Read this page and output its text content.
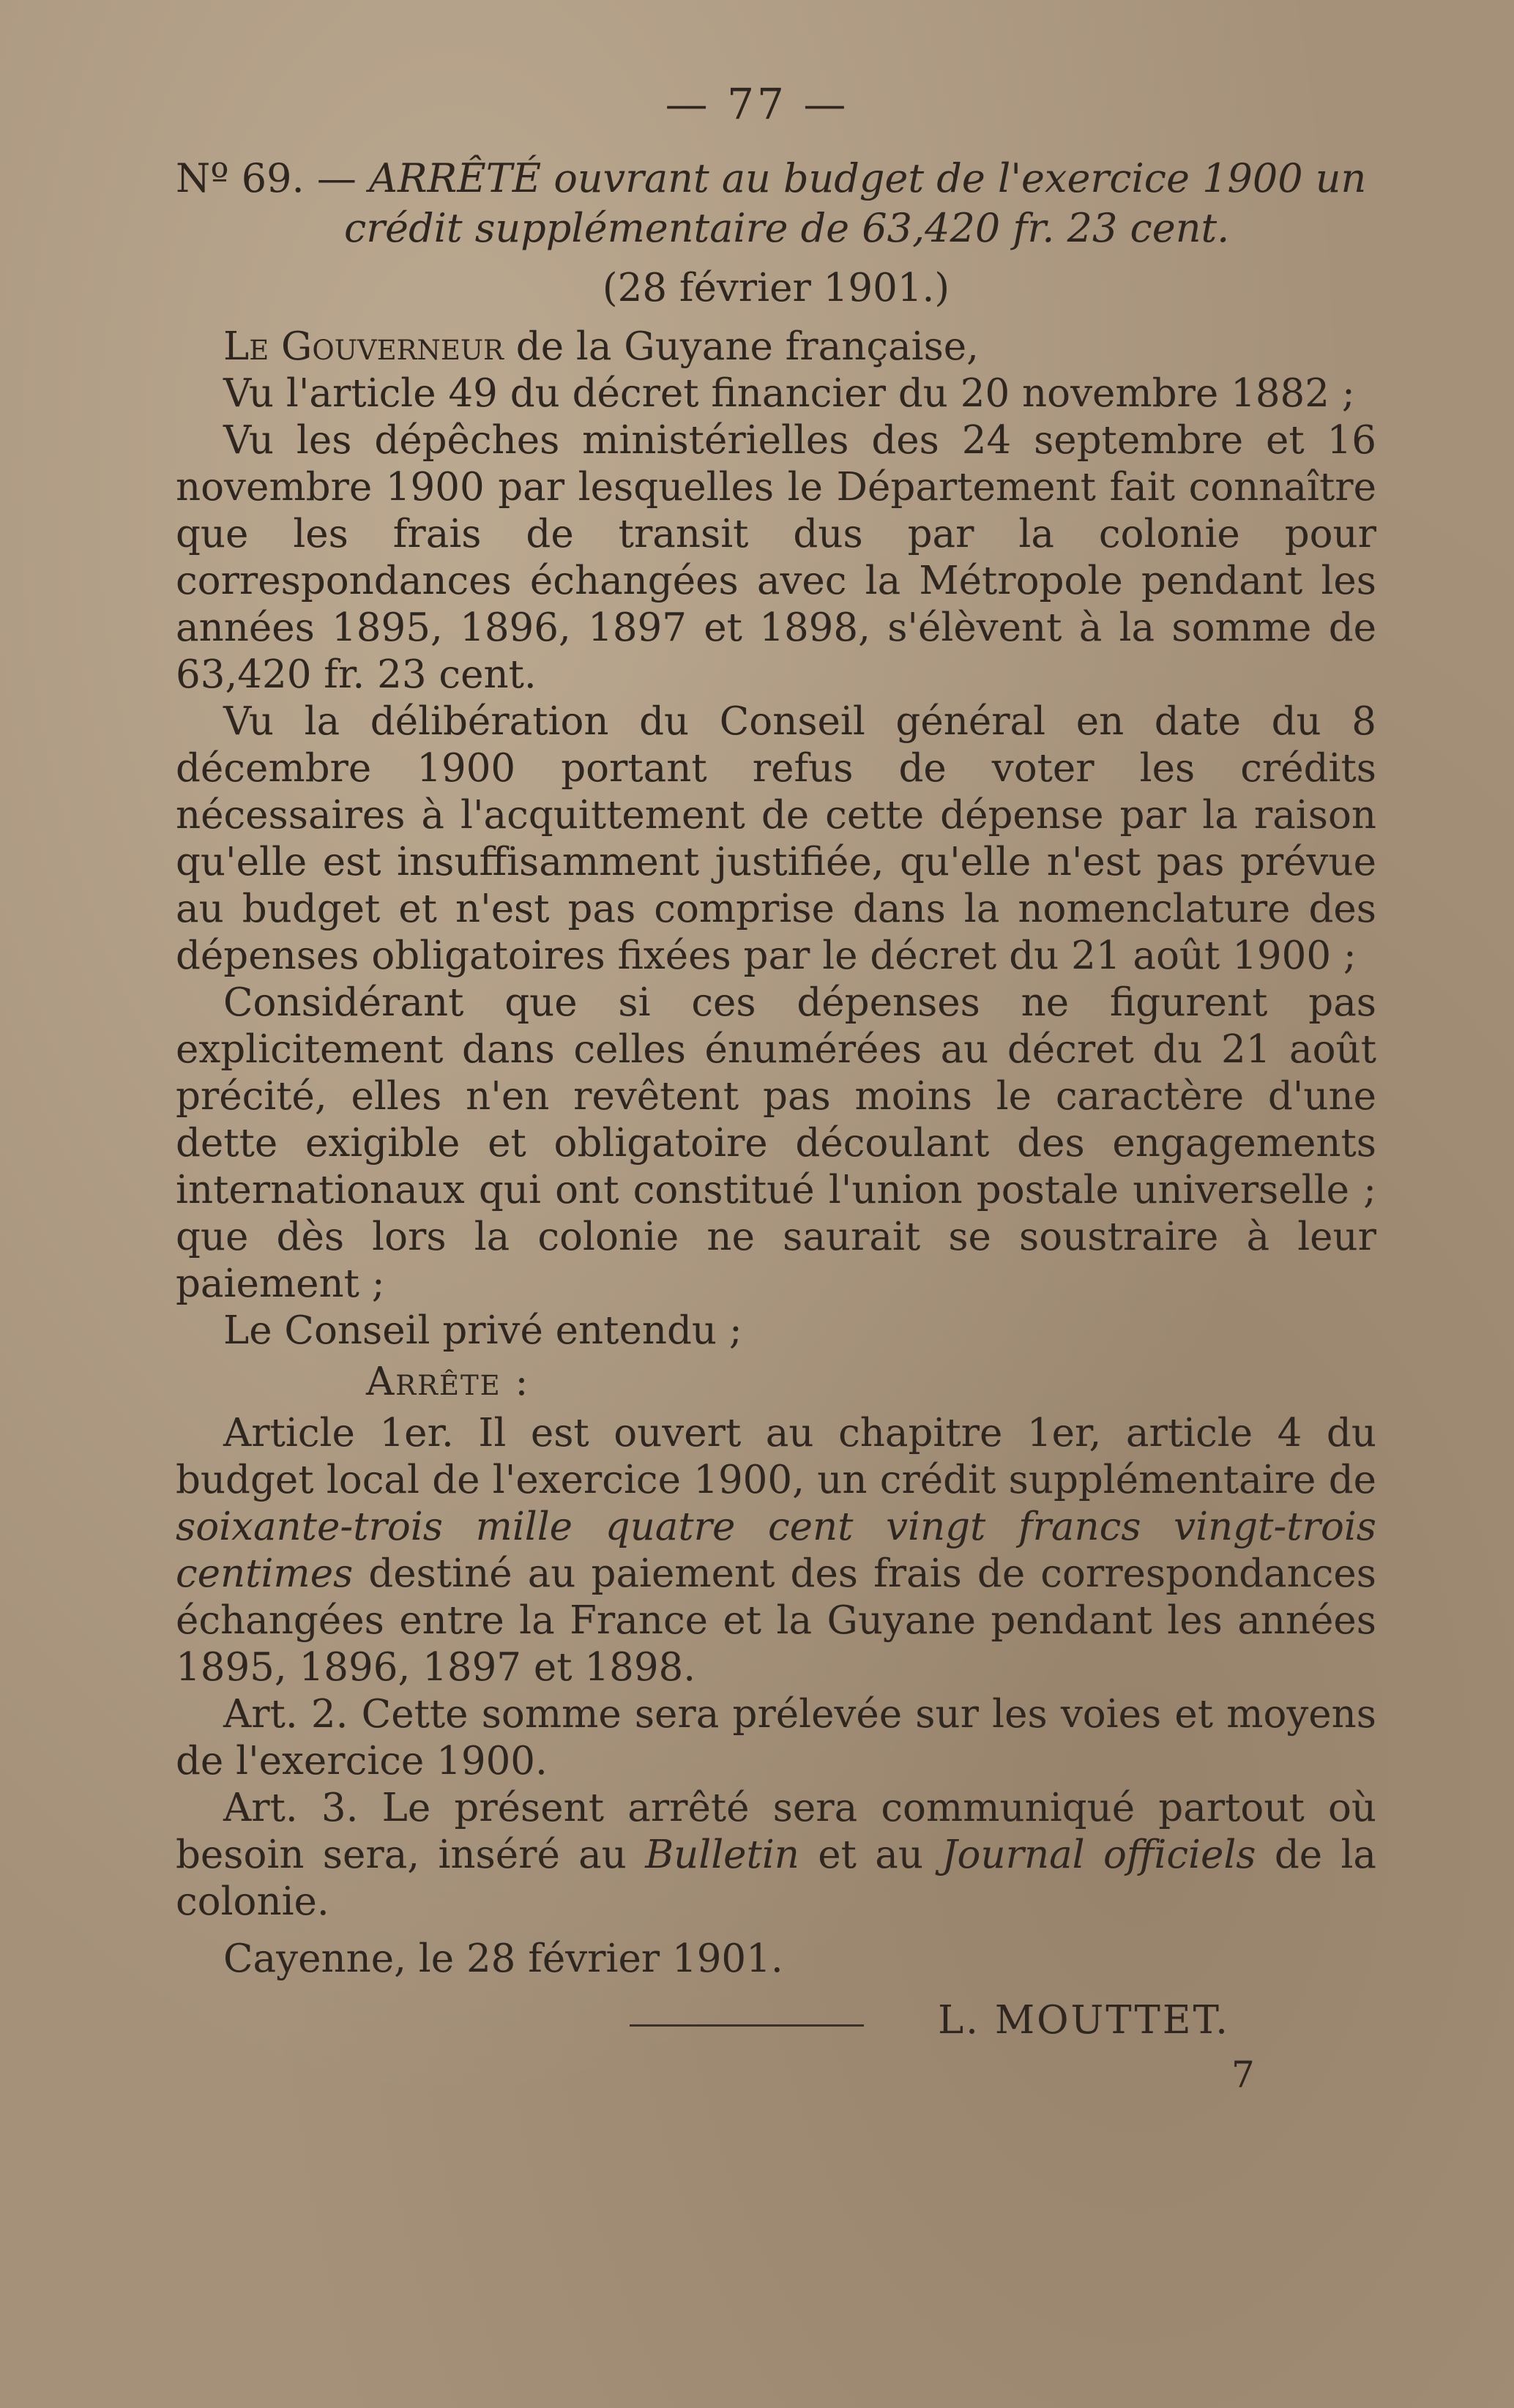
— 77 —
Nº 69. — ARRÊTÉ ouvrant au budget de l'exercice 1900 un
crédit supplémentaire de 63,420 fr. 23 cent.
(28 février 1901.)

Le Gouverneur de la Guyane française,

Vu l'article 49 du décret financier du 20 novembre 1882 ;

Vu les dépêches ministérielles des 24 septembre et 16 novembre 1900 par lesquelles le Département fait connaître que les frais de transit dus par la colonie pour correspondances échangées avec la Métropole pendant les années 1895, 1896, 1897 et 1898, s'élèvent à la somme de 63,420 fr. 23 cent.

Vu la délibération du Conseil général en date du 8 décembre 1900 portant refus de voter les crédits nécessaires à l'acquittement de cette dépense par la raison qu'elle est insuffisamment justifiée, qu'elle n'est pas prévue au budget et n'est pas comprise dans la nomenclature des dépenses obligatoires fixées par le décret du 21 août 1900 ;

Considérant que si ces dépenses ne figurent pas explicitement dans celles énumérées au décret du 21 août précité, elles n'en revêtent pas moins le caractère d'une dette exigible et obligatoire découlant des engagements internationaux qui ont constitué l'union postale universelle ; que dès lors la colonie ne saurait se soustraire à leur paiement ;

Le Conseil privé entendu ;

Arrête :

Article 1er. Il est ouvert au chapitre 1er, article 4 du budget local de l'exercice 1900, un crédit supplémentaire de soixante-trois mille quatre cent vingt francs vingt-trois centimes destiné au paiement des frais de correspondances échangées entre la France et la Guyane pendant les années 1895, 1896, 1897 et 1898.

Art. 2. Cette somme sera prélevée sur les voies et moyens de l'exercice 1900.

Art. 3. Le présent arrêté sera communiqué partout où besoin sera, inséré au Bulletin et au Journal officiels de la colonie.

Cayenne, le 28 février 1901.

L. MOUTTET.

7
